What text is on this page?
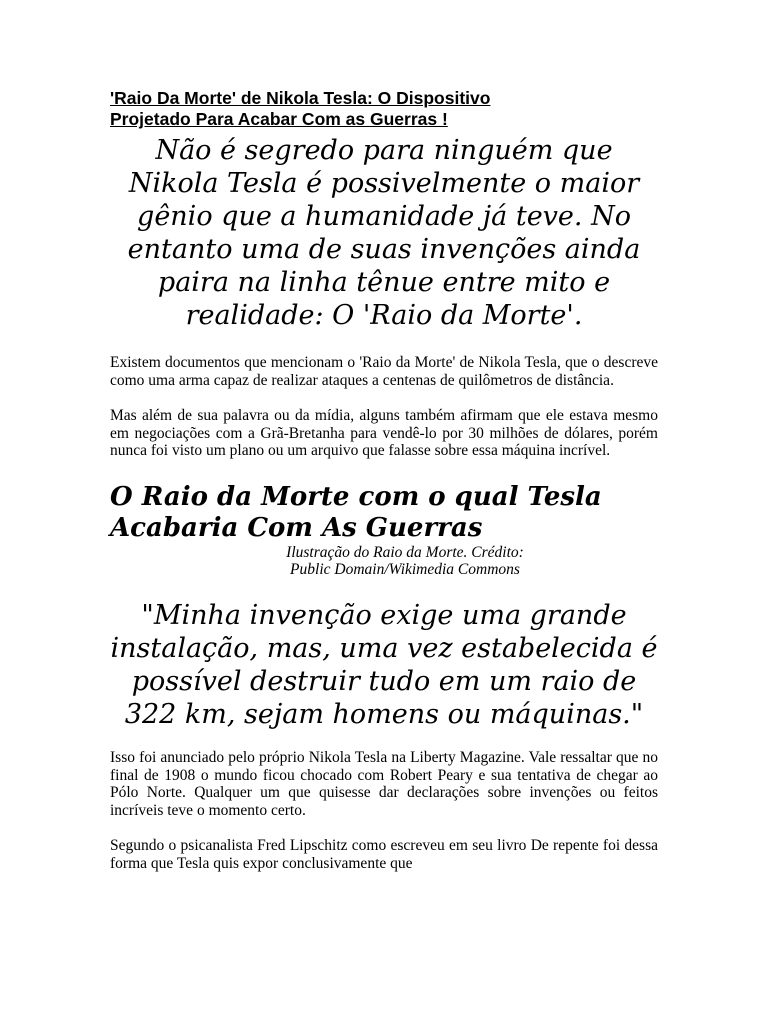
'Raio Da Morte' de Nikola Tesla: O Dispositivo
Projetado Para Acabar Com as Guerras !

Não é segredo para ninguém que Nikola Tesla é possivelmente o maior gênio que a humanidade já teve. No entanto uma de suas invenções ainda paira na linha tênue entre mito e realidade: O 'Raio da Morte'.

Existem documentos que mencionam o 'Raio da Morte' de Nikola Tesla, que o descreve como uma arma capaz de realizar ataques a centenas de quilômetros de distância.

Mas além de sua palavra ou da mídia, alguns também afirmam que ele estava mesmo em negociações com a Grã-Bretanha para vendê-lo por 30 milhões de dólares, porém nunca foi visto um plano ou um arquivo que falasse sobre essa máquina incrível.

O Raio da Morte com o qual Tesla Acabaria Com As Guerras

Ilustração do Raio da Morte. Crédito:
Public Domain/Wikimedia Commons

"Minha invenção exige uma grande instalação, mas, uma vez estabelecida é possível destruir tudo em um raio de 322 km, sejam homens ou máquinas."

Isso foi anunciado pelo próprio Nikola Tesla na Liberty Magazine. Vale ressaltar que no final de 1908 o mundo ficou chocado com Robert Peary e sua tentativa de chegar ao Pólo Norte. Qualquer um que quisesse dar declarações sobre invenções ou feitos incríveis teve o momento certo.

Segundo o psicanalista Fred Lipschitz como escreveu em seu livro De repente foi dessa forma que Tesla quis expor conclusivamente que
